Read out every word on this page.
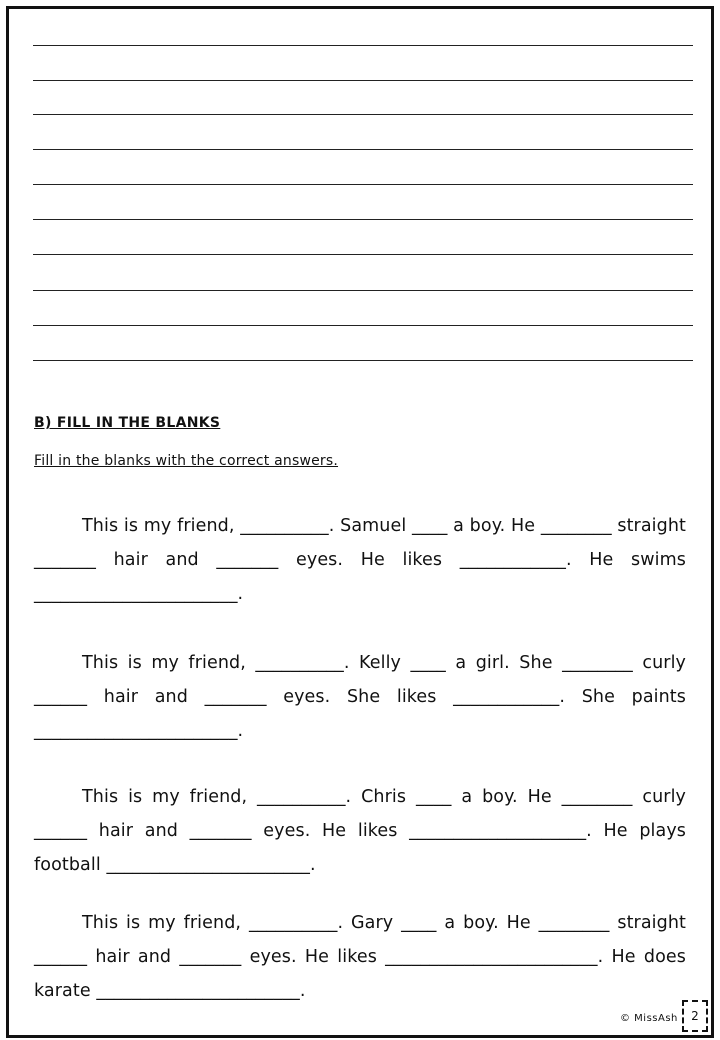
B) FILL IN THE BLANKS
Fill in the blanks with the correct answers.
This is my friend, __________. Samuel ____ a boy. He ________ straight _______ hair and _______ eyes. He likes ____________. He swims _______________________.
This is my friend, __________. Kelly ____ a girl. She ________ curly ______ hair and _______ eyes. She likes ____________. She paints _______________________.
This is my friend, __________. Chris ____ a boy. He ________ curly ______ hair and _______ eyes. He likes ____________________. He plays football _______________________.
This is my friend, __________. Gary ____ a boy. He ________ straight ______ hair and _______ eyes. He likes ________________________. He does karate _______________________.
© MissAsh	2
